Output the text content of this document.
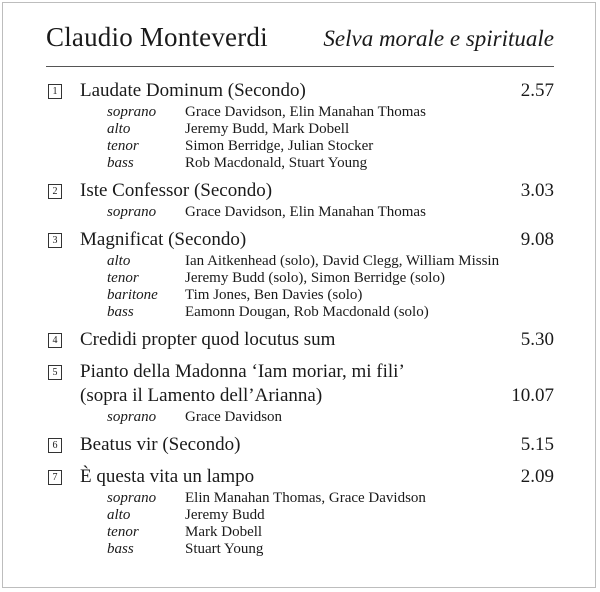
Claudio Monteverdi Selva morale e spirituale
1 Laudate Dominum (Secondo)	2.57
soprano Grace Davidson, Elin Manahan Thomas
alto	Jeremy Budd, Mark Dobell
tenor	Simon Berridge, Julian Stocker
bass	Rob Macdonald, Stuart Young
2 Iste Confessor (Secondo)	3.03
soprano Grace Davidson, Elin Manahan Thomas
3 Magnificat (Secondo)	9.08
alto	Ian Aitkenhead (solo), David Clegg, William Missin
tenor	Jeremy Budd (solo), Simon Berridge (solo)
baritone Tim Jones, Ben Davies (solo)
bass	Eamonn Dougan, Rob Macdonald (solo)
4 Credidi propter quod locutus sum	5.30
5 Pianto della Madonna ‘Iam moriar, mi fili’
(sopra il Lamento dell’Arianna)	10.07
soprano Grace Davidson
6 Beatus vir (Secondo)	5.15
7 È questa vita un lampo	2.09
soprano Elin Manahan Thomas, Grace Davidson
alto	Jeremy Budd
tenor	Mark Dobell
bass	Stuart Young
